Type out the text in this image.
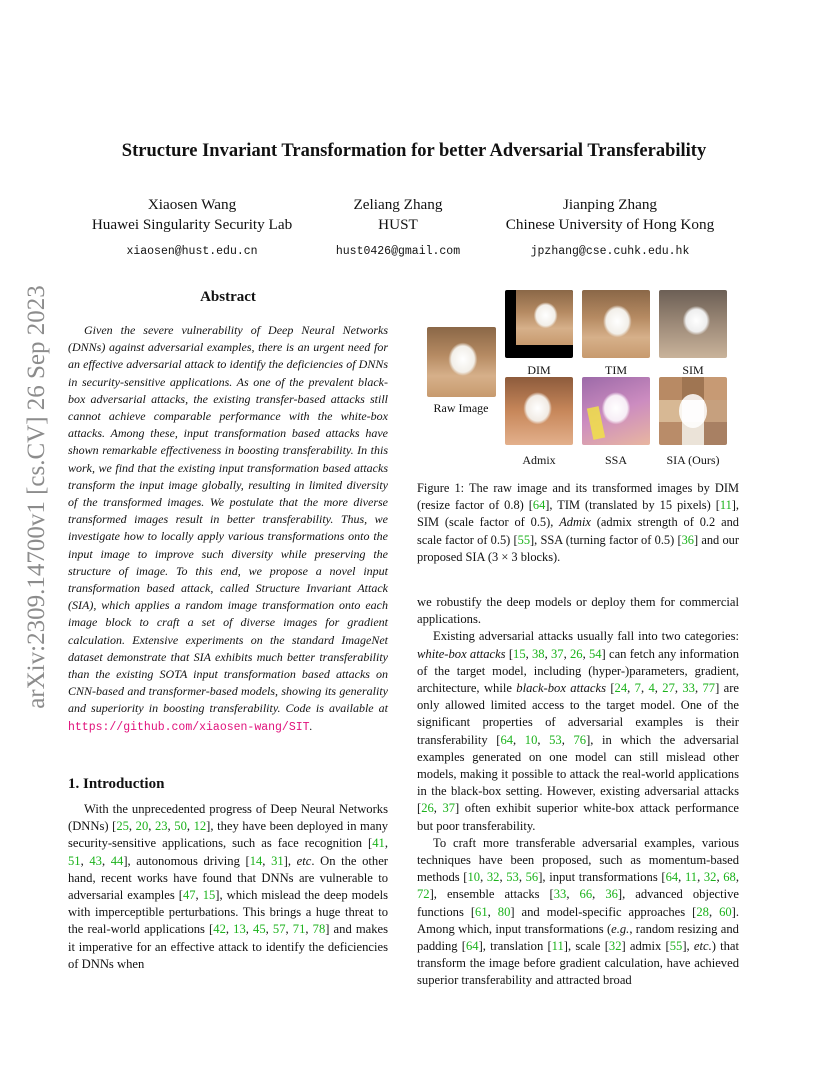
arXiv:2309.14700v1 [cs.CV] 26 Sep 2023
Structure Invariant Transformation for better Adversarial Transferability
Xiaosen Wang
Huawei Singularity Security Lab
xiaosen@hust.edu.cn
Zeliang Zhang
HUST
hust0426@gmail.com
Jianping Zhang
Chinese University of Hong Kong
jpzhang@cse.cuhk.edu.hk
Abstract
Given the severe vulnerability of Deep Neural Networks (DNNs) against adversarial examples, there is an urgent need for an effective adversarial attack to identify the deficiencies of DNNs in security-sensitive applications. As one of the prevalent black-box adversarial attacks, the existing transfer-based attacks still cannot achieve comparable performance with the white-box attacks. Among these, input transformation based attacks have shown remarkable effectiveness in boosting transferability. In this work, we find that the existing input transformation based attacks transform the input image globally, resulting in limited diversity of the transformed images. We postulate that the more diverse transformed images result in better transferability. Thus, we investigate how to locally apply various transformations onto the input image to improve such diversity while preserving the structure of image. To this end, we propose a novel input transformation based attack, called Structure Invariant Attack (SIA), which applies a random image transformation onto each image block to craft a set of diverse images for gradient calculation. Extensive experiments on the standard ImageNet dataset demonstrate that SIA exhibits much better transferability than the existing SOTA input transformation based attacks on CNN-based and transformer-based models, showing its generality and superiority in boosting transferability. Code is available at https://github.com/xiaosen-wang/SIT.
1. Introduction

With the unprecedented progress of Deep Neural Networks (DNNs) [25, 20, 23, 50, 12], they have been deployed in many security-sensitive applications, such as face recognition [41, 51, 43, 44], autonomous driving [14, 31], etc. On the other hand, recent works have found that DNNs are vulnerable to adversarial examples [47, 15], which mislead the deep models with imperceptible perturbations. This brings a huge threat to the real-world applications [42, 13, 45, 57, 71, 78] and makes it imperative for an effective attack to identify the deficiencies of DNNs when

Raw Image
DIM	TIM	SIM
Admix	SSA	SIA (Ours)
Figure 1: The raw image and its transformed images by DIM (resize factor of 0.8) [64], TIM (translated by 15 pixels) [11], SIM (scale factor of 0.5), Admix (admix strength of 0.2 and scale factor of 0.5) [55], SSA (turning factor of 0.5) [36] and our proposed SIA (3 × 3 blocks).

we robustify the deep models or deploy them for commercial applications.

Existing adversarial attacks usually fall into two categories: white-box attacks [15, 38, 37, 26, 54] can fetch any information of the target model, including (hyper-)parameters, gradient, architecture, while black-box attacks [24, 7, 4, 27, 33, 77] are only allowed limited access to the target model. One of the significant properties of adversarial examples is their transferability [64, 10, 53, 76], in which the adversarial examples generated on one model can still mislead other models, making it possible to attack the real-world applications in the black-box setting. However, existing adversarial attacks [26, 37] often exhibit superior white-box attack performance but poor transferability.

To craft more transferable adversarial examples, various techniques have been proposed, such as momentum-based methods [10, 32, 53, 56], input transformations [64, 11, 32, 68, 72], ensemble attacks [33, 66, 36], advanced objective functions [61, 80] and model-specific approaches [28, 60]. Among which, input transformations (e.g., random resizing and padding [64], translation [11], scale [32] admix [55], etc.) that transform the image before gradient calculation, have achieved superior transferability and attracted broad
